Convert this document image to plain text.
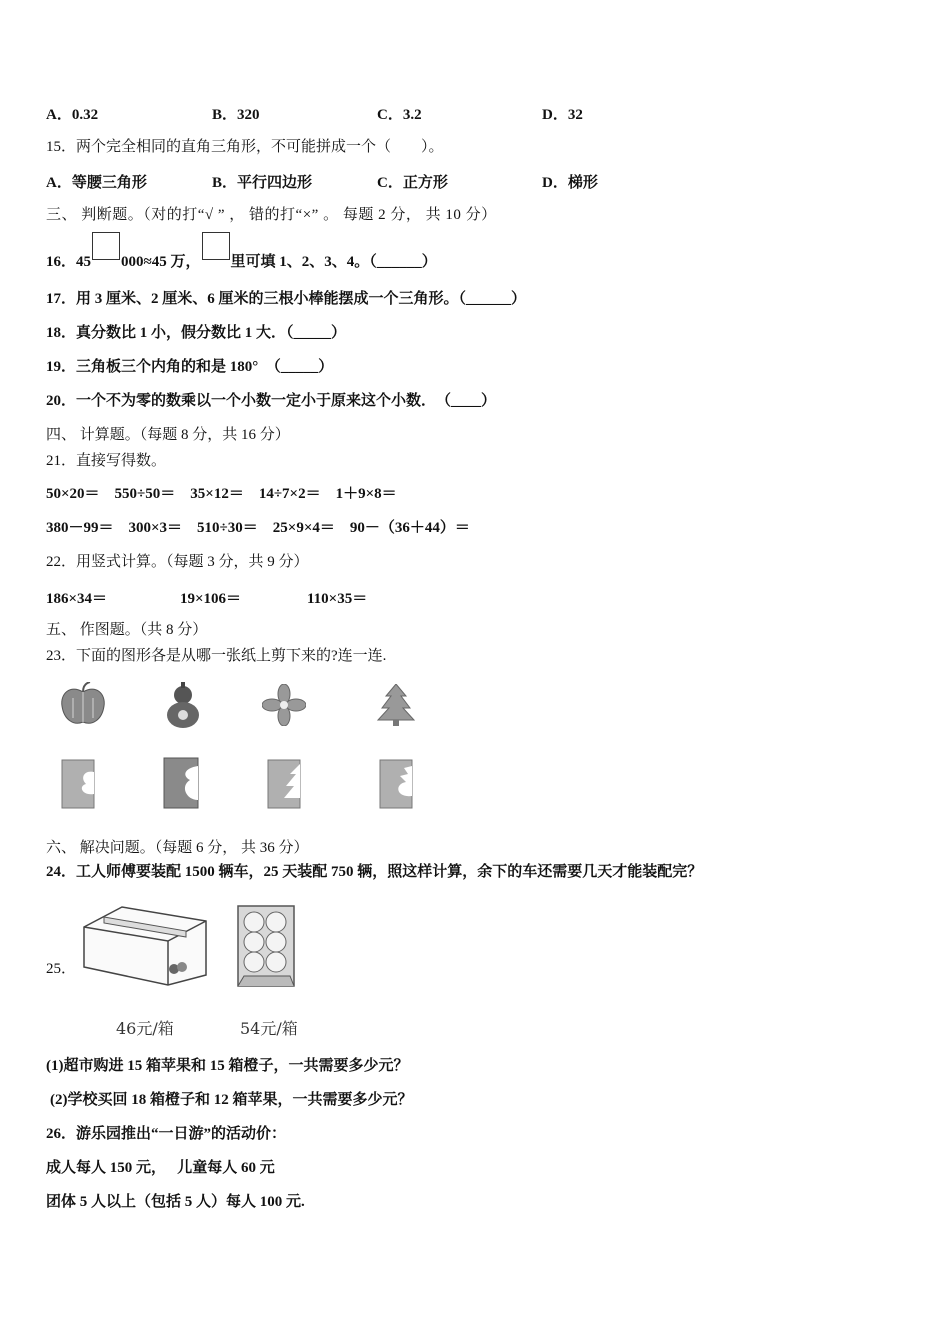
A．0.32	B．320	C．3.2	D．32
15．两个完全相同的直角三角形，不可能拼成一个（　　）。
A．等腰三角形	B．平行四边形	C．正方形	D．梯形
三、 判断题。（对的打“√ ” ， 错的打“×” 。 每题 2 分， 共 10 分）
16．45 000≈45 万， 里可填 1、2、3、4。（______）
17．用 3 厘米、2 厘米、6 厘米的三根小棒能摆成一个三角形。（______）
18．真分数比 1 小，假分数比 1 大．（_____）
19．三角板三个内角的和是 180°　（_____）
20．一个不为零的数乘以一个小数一定小于原来这个小数．　（____）
四、 计算题。（每题 8 分，共 16 分）
21．直接写得数。
50×20＝　550÷50＝　35×12＝　14÷7×2＝　1＋9×8＝
380－99＝　300×3＝　510÷30＝　25×9×4＝　90－（36＋44）＝
22．用竖式计算。（每题 3 分，共 9 分）
186×34＝	19×106＝	110×35＝
五、 作图题。（共 8 分）
23．下面的图形各是从哪一张纸上剪下来的?连一连.
六、 解决问题。（每题 6 分， 共 36 分）
24．工人师傅要装配 1500 辆车，25 天装配 750 辆，照这样计算，余下的车还需要几天才能装配完？
25．
46元/箱	54元/箱
(1)超市购进 15 箱苹果和 15 箱橙子，一共需要多少元？
(2)学校买回 18 箱橙子和 12 箱苹果，一共需要多少元？
26．游乐园推出“一日游”的活动价：
成人每人 150 元，　 儿童每人 60 元
团体 5 人以上（包括 5 人）每人 100 元.
